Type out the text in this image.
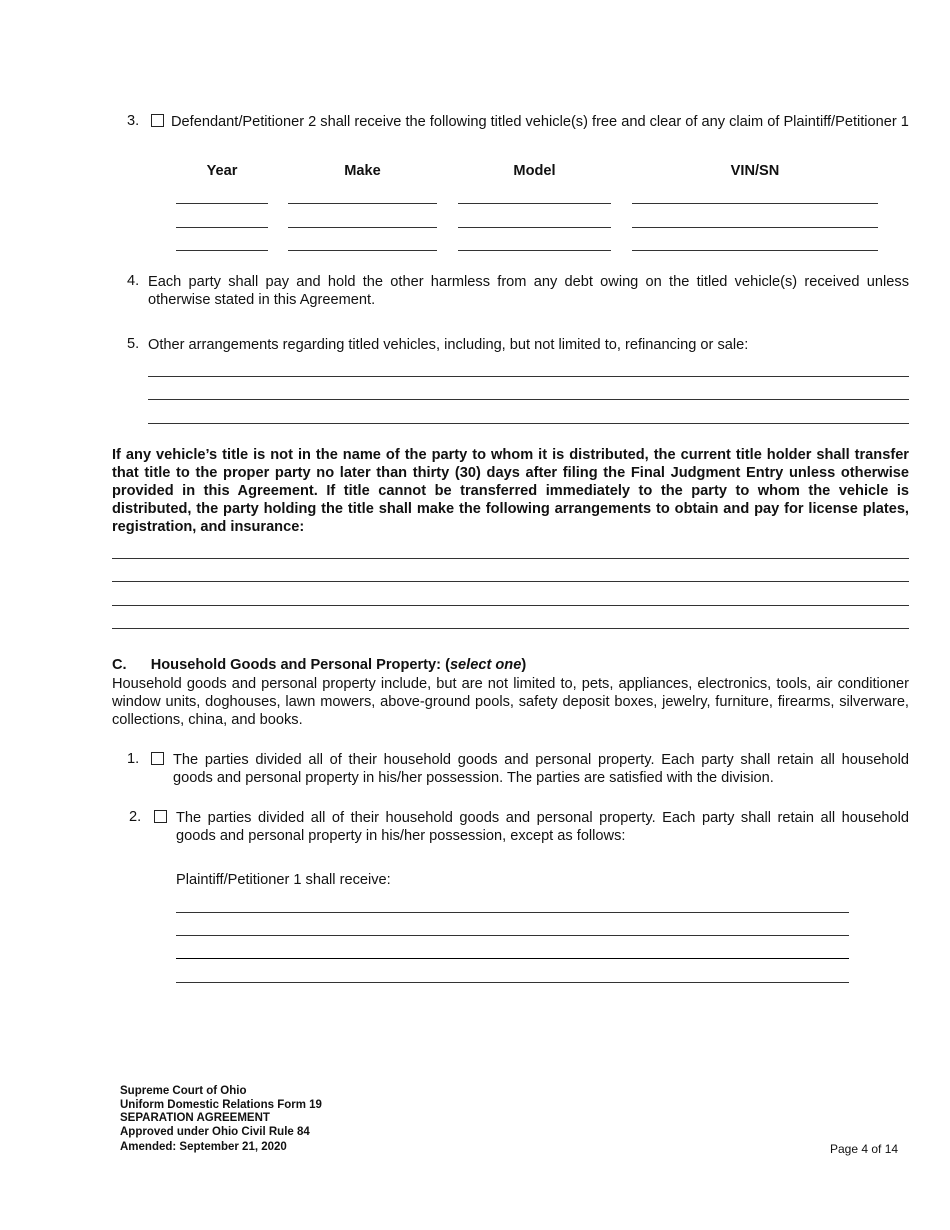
3. Defendant/Petitioner 2 shall receive the following titled vehicle(s) free and clear of any claim of Plaintiff/Petitioner 1
Year	Make	Model	VIN/SN
4. Each party shall pay and hold the other harmless from any debt owing on the titled vehicle(s) received unless otherwise stated in this Agreement.
5. Other arrangements regarding titled vehicles, including, but not limited to, refinancing or sale:
If any vehicle’s title is not in the name of the party to whom it is distributed, the current title holder shall transfer that title to the proper party no later than thirty (30) days after filing the Final Judgment Entry unless otherwise provided in this Agreement. If title cannot be transferred immediately to the party to whom the vehicle is distributed, the party holding the title shall make the following arrangements to obtain and pay for license plates, registration, and insurance:
C. Household Goods and Personal Property: (select one)
Household goods and personal property include, but are not limited to, pets, appliances, electronics, tools, air conditioner window units, doghouses, lawn mowers, above-ground pools, safety deposit boxes, jewelry, furniture, firearms, silverware, collections, china, and books.
1. The parties divided all of their household goods and personal property. Each party shall retain all household goods and personal property in his/her possession. The parties are satisfied with the division.
2. The parties divided all of their household goods and personal property. Each party shall retain all household goods and personal property in his/her possession, except as follows:
Plaintiff/Petitioner 1 shall receive:
Supreme Court of Ohio
Uniform Domestic Relations Form 19
SEPARATION AGREEMENT
Approved under Ohio Civil Rule 84
Amended: September 21, 2020	Page 4 of 14
